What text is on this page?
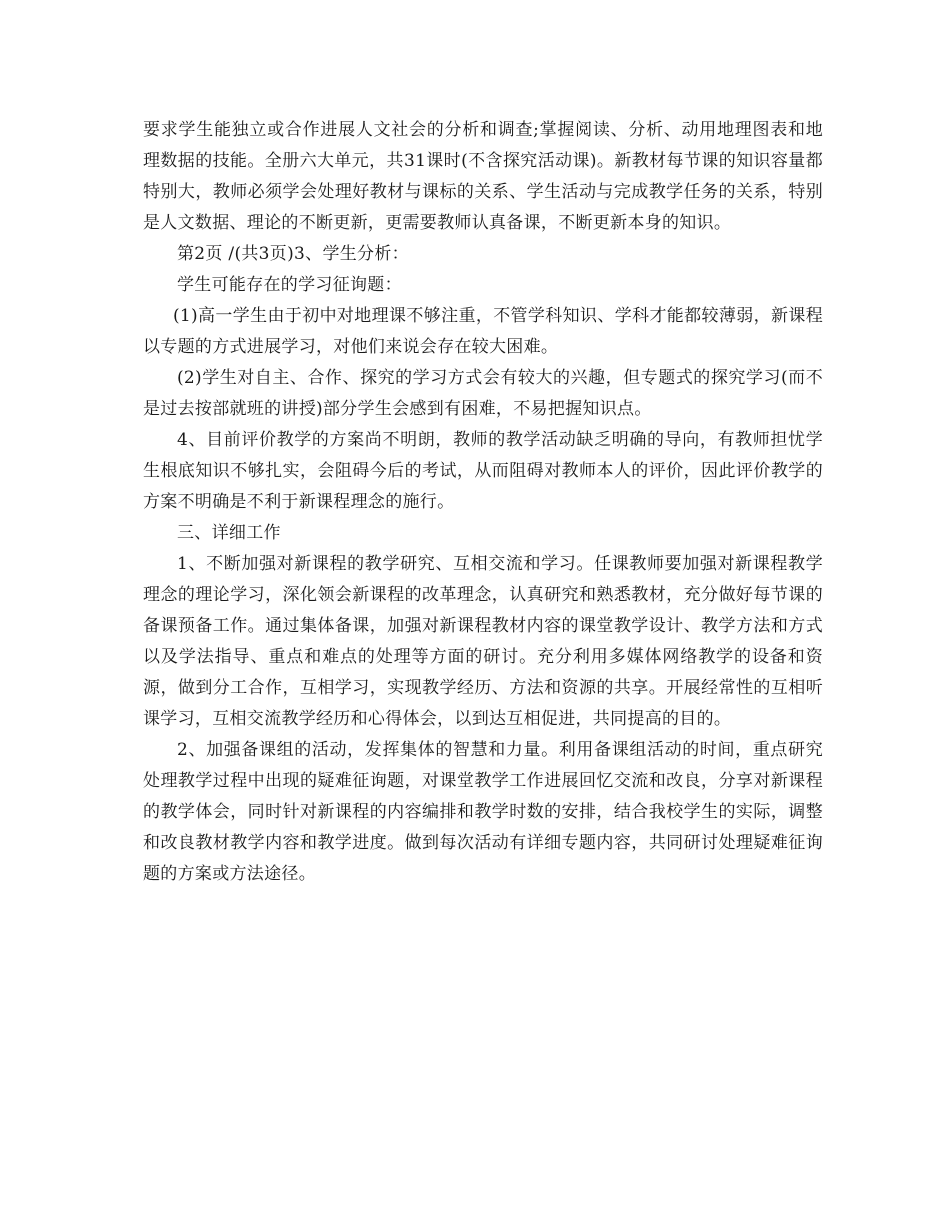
要求学生能独立或合作进展人文社会的分析和调查;掌握阅读、分析、动用地理图表和地理数据的技能。全册六大单元，共31课时(不含探究活动课)。新教材每节课的知识容量都特别大，教师必须学会处理好教材与课标的关系、学生活动与完成教学任务的关系，特别是人文数据、理论的不断更新，更需要教师认真备课，不断更新本身的知识。

第2页 /(共3页)3、学生分析：

学生可能存在的学习征询题：

(1)高一学生由于初中对地理课不够注重，不管学科知识、学科才能都较薄弱，新课程以专题的方式进展学习，对他们来说会存在较大困难。

(2)学生对自主、合作、探究的学习方式会有较大的兴趣，但专题式的探究学习(而不是过去按部就班的讲授)部分学生会感到有困难，不易把握知识点。

4、目前评价教学的方案尚不明朗，教师的教学活动缺乏明确的导向，有教师担忧学生根底知识不够扎实，会阻碍今后的考试，从而阻碍对教师本人的评价，因此评价教学的方案不明确是不利于新课程理念的施行。

三、详细工作

1、不断加强对新课程的教学研究、互相交流和学习。任课教师要加强对新课程教学理念的理论学习，深化领会新课程的改革理念，认真研究和熟悉教材，充分做好每节课的备课预备工作。通过集体备课，加强对新课程教材内容的课堂教学设计、教学方法和方式以及学法指导、重点和难点的处理等方面的研讨。充分利用多媒体网络教学的设备和资源，做到分工合作，互相学习，实现教学经历、方法和资源的共享。开展经常性的互相听课学习，互相交流教学经历和心得体会，以到达互相促进，共同提高的目的。

2、加强备课组的活动，发挥集体的智慧和力量。利用备课组活动的时间，重点研究处理教学过程中出现的疑难征询题，对课堂教学工作进展回忆交流和改良，分享对新课程的教学体会，同时针对新课程的内容编排和教学时数的安排，结合我校学生的实际，调整和改良教材教学内容和教学进度。做到每次活动有详细专题内容，共同研讨处理疑难征询题的方案或方法途径。
